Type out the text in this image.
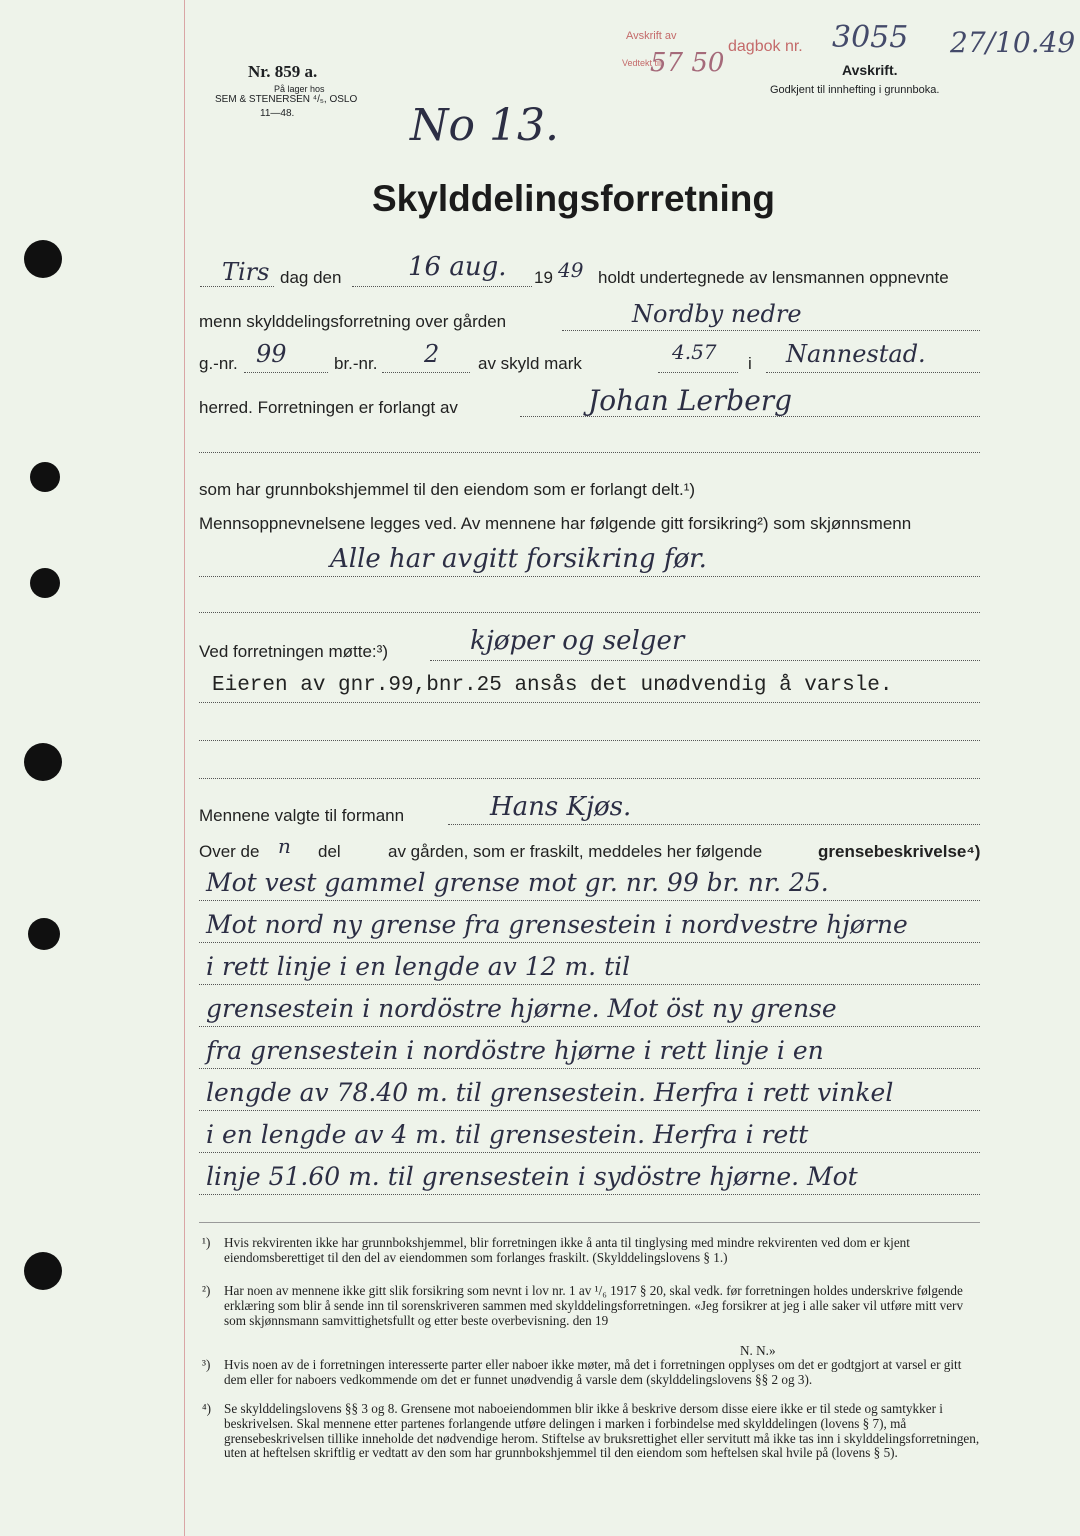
Nr. 859 a.
På lager hos
SEM & STENERSEN ⁴/₅, OSLO
11—48.
Avskrift av
Vedtekt til
57 50
dagbok nr. 3055 27/10.49
Avskrift.
Godkjent til innhefting i grunnboka.
No 13.
Skylddelingsforretning
Tirs dag den	16 aug. 19 49 holdt undertegnede av lensmannen oppnevnte
menn skylddelingsforretning over gården	Nordby nedre
g.-nr. 99	br.-nr. 2 av skyld mark	4.57 i Nannestad.
herred. Forretningen er forlangt av	Johan Lerberg
som har grunnbokshjemmel til den eiendom som er forlangt delt.¹)
Mennsoppnevnelsene legges ved. Av mennene har følgende gitt forsikring²) som skjønnsmenn
Alle har avgitt forsikring før.
Ved forretningen møtte:³)	kjøper og selger
Eieren av gnr.99,bnr.25 ansås det unødvendig å varsle.
Mennene valgte til formann	Hans Kjøs.
Over de n del	av gården, som er fraskilt, meddeles her følgende	grensebeskrivelse⁴)
Mot vest gammel grense mot gr. nr. 99 br. nr. 25.
Mot nord ny grense fra grensestein i nordvestre hjørne
i rett linje i en lengde av 12 m. til
grensestein i nordöstre hjørne. Mot öst ny grense
fra grensestein i nordöstre hjørne i rett linje i en
lengde av 78.40 m. til grensestein. Herfra i rett vinkel
i en lengde av 4 m. til grensestein. Herfra i rett
linje 51.60 m. til grensestein i sydöstre hjørne. Mot
¹) Hvis rekvirenten ikke har grunnbokshjemmel, blir forretningen ikke å anta til tinglysing med mindre rekvirenten ved dom er kjent eiendomsberettiget til den del av eiendommen som forlanges fraskilt. (Skylddelingslovens § 1.)
²) Har noen av mennene ikke gitt slik forsikring som nevnt i lov nr. 1 av ¹/₆ 1917 § 20, skal vedk. før forretningen holdes underskrive følgende erklæring som blir å sende inn til sorenskriveren sammen med skylddelingsforretningen. «Jeg forsikrer at jeg i alle saker vil utføre mitt verv som skjønnsmann samvittighetsfullt og etter beste overbevisning. den 19
N. N.»
³) Hvis noen av de i forretningen interesserte parter eller naboer ikke møter, må det i forretningen opplyses om det er godtgjort at varsel er gitt dem eller for naboers vedkommende om det er funnet unødvendig å varsle dem (skylddelingslovens §§ 2 og 3).
⁴) Se skylddelingslovens §§ 3 og 8. Grensene mot naboeiendommen blir ikke å beskrive dersom disse eiere ikke er til stede og samtykker i beskrivelsen. Skal mennene etter partenes forlangende utføre delingen i marken i forbindelse med skylddelingen (lovens § 7), må grensebeskrivelsen tillike inneholde det nødvendige herom. Stiftelse av bruksrettighet eller servitutt må ikke tas inn i skylddelingsforretningen, uten at heftelsen skriftlig er vedtatt av den som har grunnbokshjemmel til den eiendom som heftelsen skal hvile på (lovens § 5).
